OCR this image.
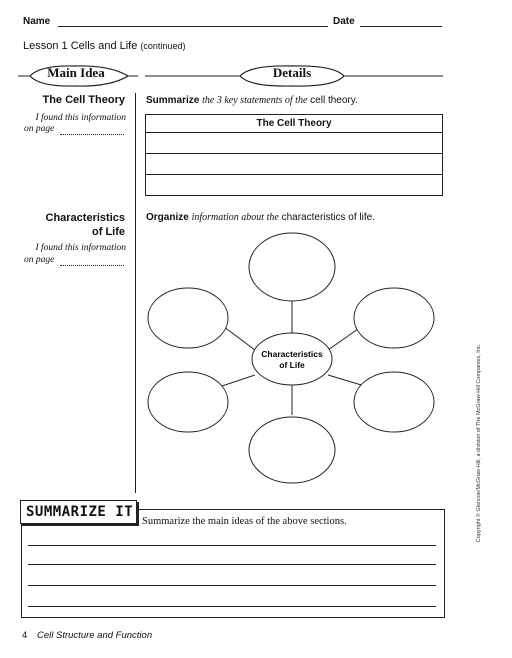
Name	Date
Lesson 1 Cells and Life (continued)
Main Idea	Details
The Cell Theory
I found this information
on page
Summarize the 3 key statements of the cell theory.
The Cell Theory

Characteristics
of Life
I found this information
on page
Organize information about the characteristics of life.
Characteristics
of Life
SUMMARIZE IT
Summarize the main ideas of the above sections.	Copyright © Glencoe/McGraw-Hill, a division of The McGraw-Hill Companies, Inc.
4 Cell Structure and Function
